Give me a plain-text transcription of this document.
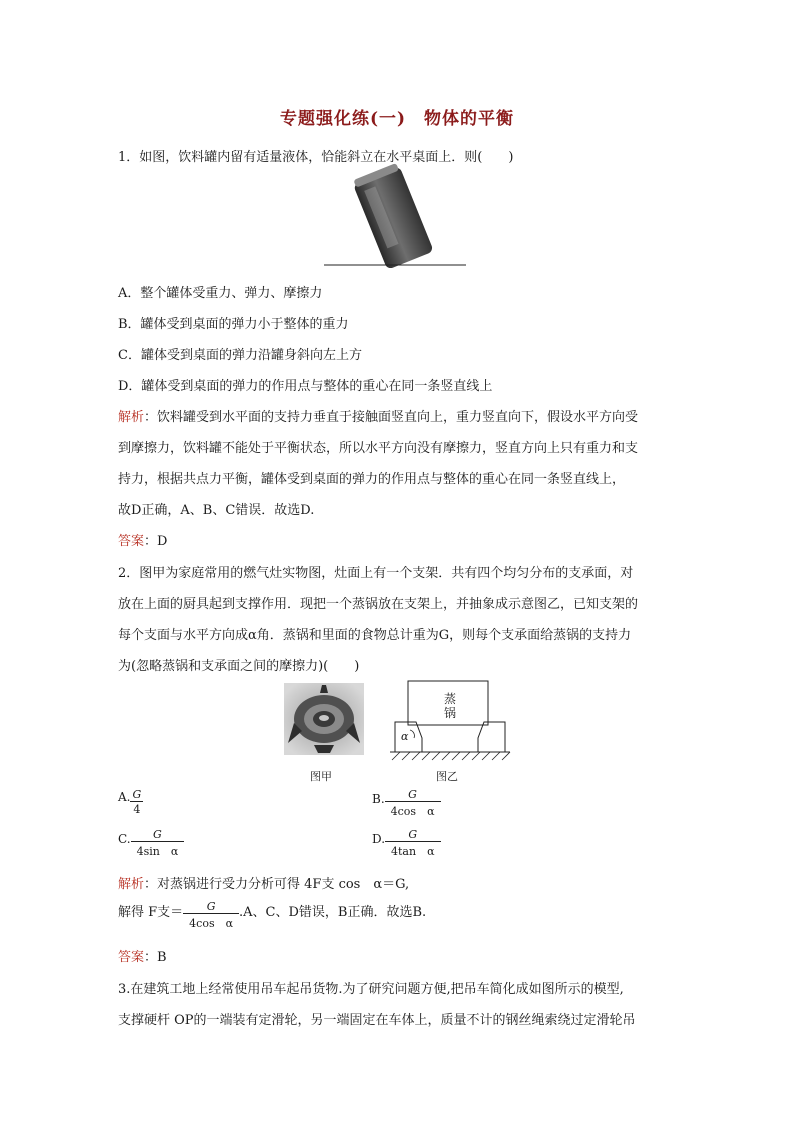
专题强化练(一)　物体的平衡
1．如图，饮料罐内留有适量液体，恰能斜立在水平桌面上．则(　　)
A．整个罐体受重力、弹力、摩擦力
B．罐体受到桌面的弹力小于整体的重力
C．罐体受到桌面的弹力沿罐身斜向左上方
D．罐体受到桌面的弹力的作用点与整体的重心在同一条竖直线上
解析：饮料罐受到水平面的支持力垂直于接触面竖直向上，重力竖直向下，假设水平方向受
到摩擦力，饮料罐不能处于平衡状态，所以水平方向没有摩擦力，竖直方向上只有重力和支
持力，根据共点力平衡，罐体受到桌面的弹力的作用点与整体的重心在同一条竖直线上，
故D正确，A、B、C错误．故选D.
答案：D
2．图甲为家庭常用的燃气灶实物图，灶面上有一个支架．共有四个均匀分布的支承面，对
放在上面的厨具起到支撑作用．现把一个蒸锅放在支架上，并抽象成示意图乙，已知支架的
每个支面与水平方向成α角．蒸锅和里面的食物总计重为G，则每个支承面给蒸锅的支持力
为(忽略蒸锅和支承面之间的摩擦力)(　　)
图甲
蒸锅
α
图乙
A. $\frac{G}{4}$	B. $\frac{G}{\text{4cos　α}}$
C. $\frac{G}{\text{4sin　α}}$	D. $\frac{G}{\text{4tan　α}}$
解析：对蒸锅进行受力分析可得 4F支 cos　α＝G,
解得 F支＝ $\frac{G}{\text{4cos　α}} .A$、C、D错误，B正确．故选B.
答案：B
3.在建筑工地上经常使用吊车起吊货物.为了研究问题方便,把吊车简化成如图所示的模型,
支撑硬杆 OP的一端装有定滑轮，另一端固定在车体上，质量不计的钢丝绳索绕过定滑轮吊
